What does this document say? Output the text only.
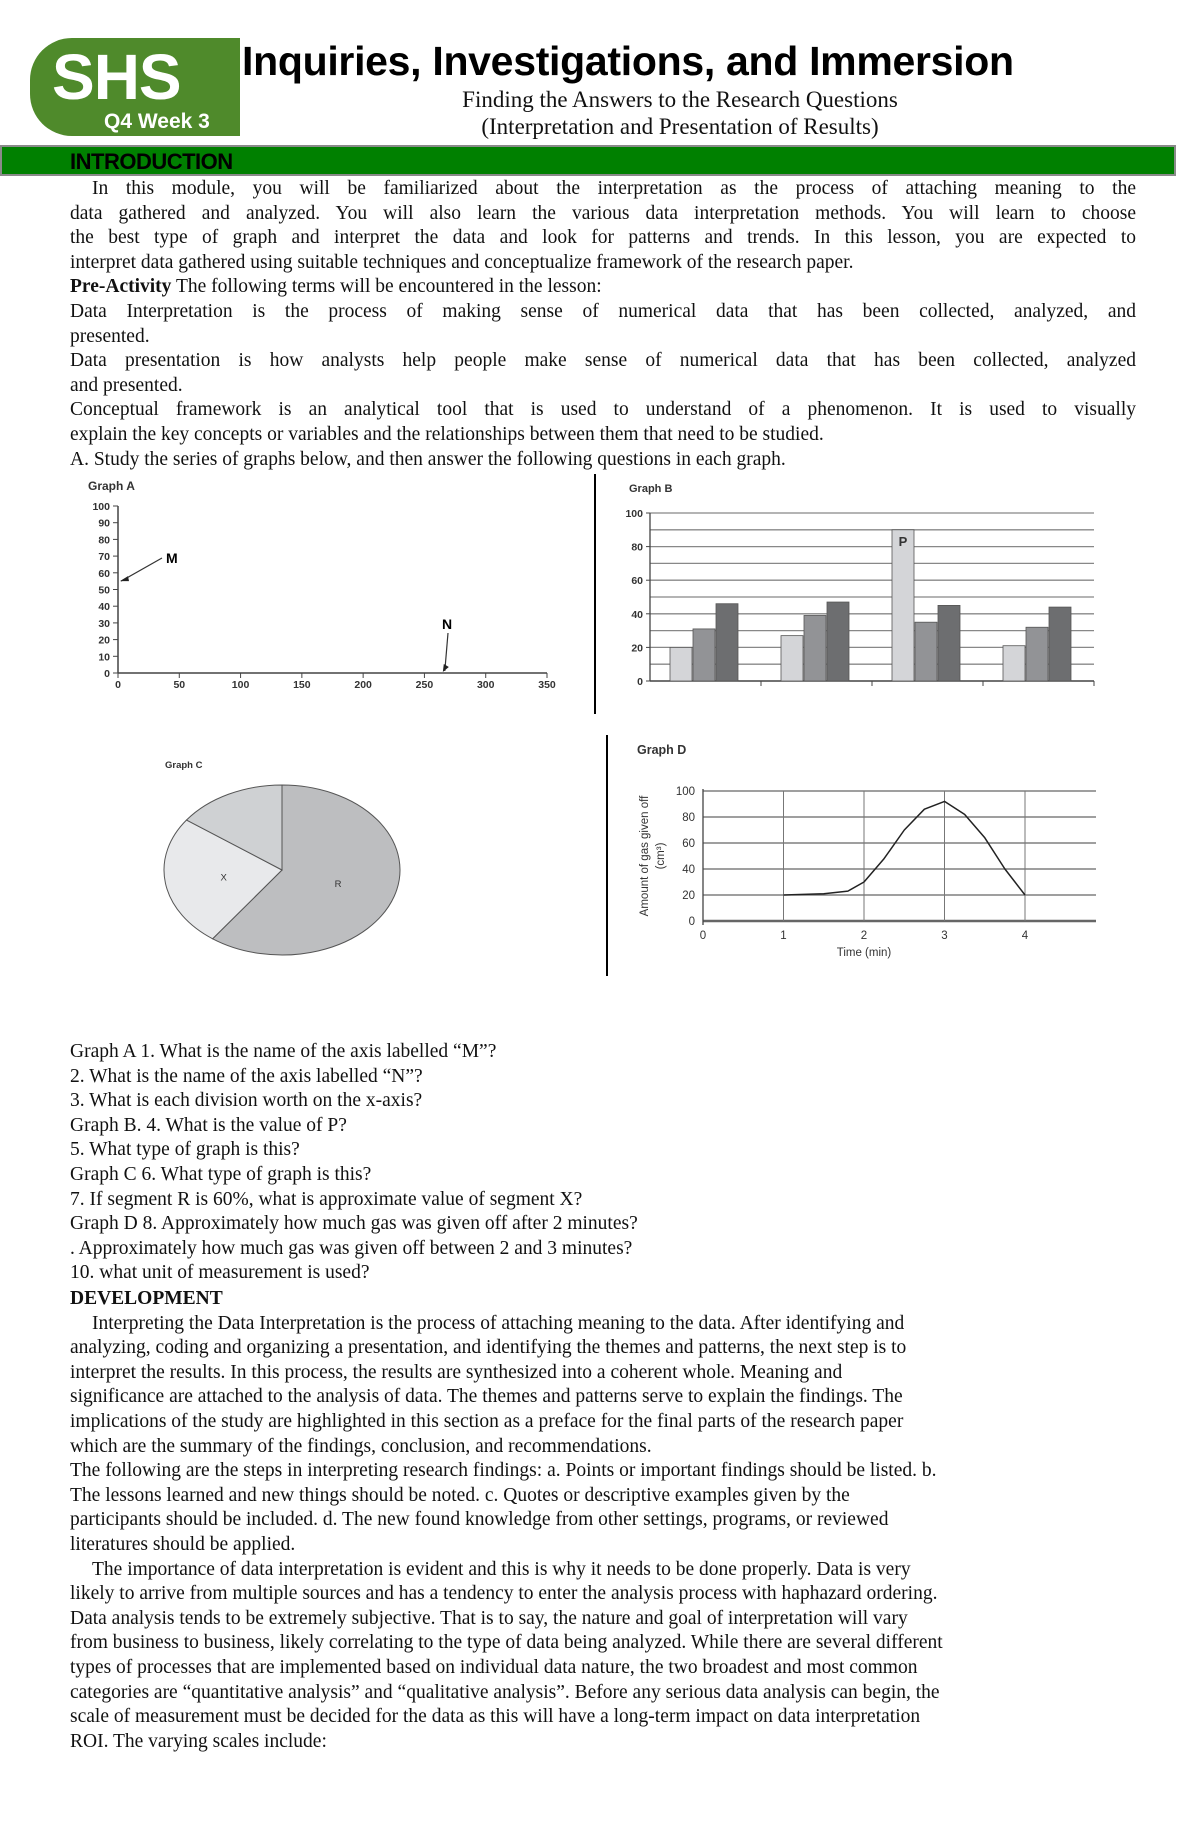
SHS
Q4 Week 3
Inquiries, Investigations, and Immersion
Finding the Answers to the Research Questions
(Interpretation and Presentation of Results)
INTRODUCTION
In this module, you will be familiarized about the interpretation as the process of attaching meaning to the
data gathered and analyzed. You will also learn the various data interpretation methods. You will learn to choose
the best type of graph and interpret the data and look for patterns and trends. In this lesson, you are expected to
interpret data gathered using suitable techniques and conceptualize framework of the research paper.
Pre-Activity The following terms will be encountered in the lesson:
Data Interpretation is the process of making sense of numerical data that has been collected, analyzed, and
presented.
Data presentation is how analysts help people make sense of numerical data that has been collected, analyzed
and presented.
Conceptual framework is an analytical tool that is used to understand of a phenomenon. It is used to visually
explain the key concepts or variables and the relationships between them that need to be studied.
A. Study the series of graphs below, and then answer the following questions in each graph.
Graph A
0
10
20
30
40
50
60
70
80
90
100
0	50	100	150	200	250	300	350
M
N
Graph B
0
20
40
60
80
100
P
Graph C
R
X
Graph D
0
20
40
60
80
100
0	1	2	3	4
Time (min)
Amount of gas given off (cm³)
Graph A 1. What is the name of the axis labelled “M”?
2. What is the name of the axis labelled “N”?
3. What is each division worth on the x-axis?
Graph B. 4. What is the value of P?
5. What type of graph is this?
Graph C 6. What type of graph is this?
7. If segment R is 60%, what is approximate value of segment X?
Graph D 8. Approximately how much gas was given off after 2 minutes?
. Approximately how much gas was given off between 2 and 3 minutes?
10. what unit of measurement is used?
DEVELOPMENT
Interpreting the Data Interpretation is the process of attaching meaning to the data. After identifying and
analyzing, coding and organizing a presentation, and identifying the themes and patterns, the next step is to
interpret the results. In this process, the results are synthesized into a coherent whole. Meaning and
significance are attached to the analysis of data. The themes and patterns serve to explain the findings. The
implications of the study are highlighted in this section as a preface for the final parts of the research paper
which are the summary of the findings, conclusion, and recommendations.
The following are the steps in interpreting research findings: a. Points or important findings should be listed. b.
The lessons learned and new things should be noted. c. Quotes or descriptive examples given by the
participants should be included. d. The new found knowledge from other settings, programs, or reviewed
literatures should be applied.
The importance of data interpretation is evident and this is why it needs to be done properly. Data is very
likely to arrive from multiple sources and has a tendency to enter the analysis process with haphazard ordering.
Data analysis tends to be extremely subjective. That is to say, the nature and goal of interpretation will vary
from business to business, likely correlating to the type of data being analyzed. While there are several different
types of processes that are implemented based on individual data nature, the two broadest and most common
categories are “quantitative analysis” and “qualitative analysis”. Before any serious data analysis can begin, the
scale of measurement must be decided for the data as this will have a long-term impact on data interpretation
ROI. The varying scales include:
